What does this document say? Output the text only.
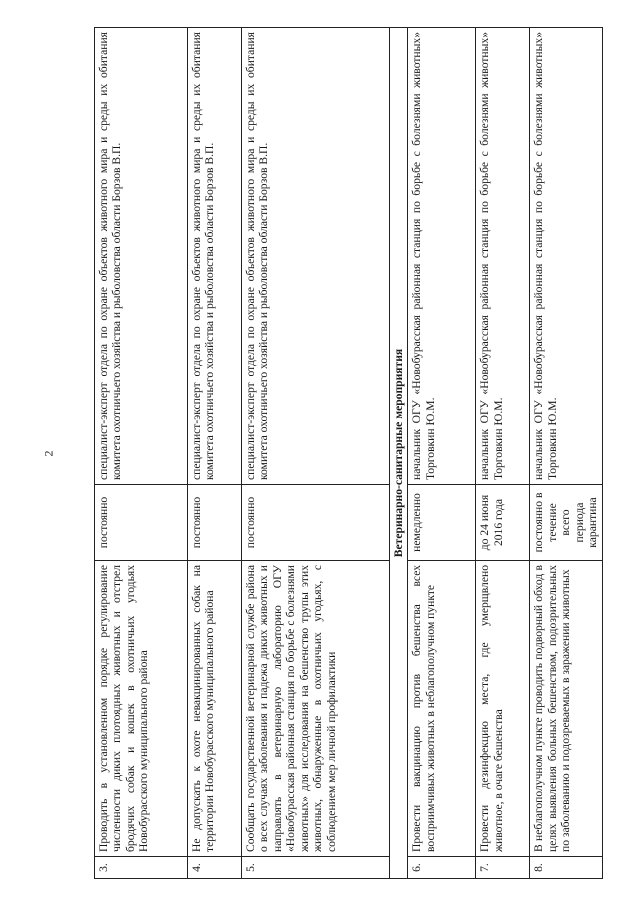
2
3.	Проводить в установленном порядке регулирование численности диких плотоядных животных и отстрел бродячих собак и кошек в охотничьих угодьях Новобурасского муниципального района	постоянно	специалист-эксперт отдела по охране объектов животного мира и среды их обитания комитета охотничьего хозяйства и рыболовства области Борзов В.П.
4.	Не допускать к охоте невакцинированных собак на территории Новобурасского муниципального района	постоянно	специалист-эксперт отдела по охране объектов животного мира и среды их обитания комитета охотничьего хозяйства и рыболовства области Борзов В.П.
5.	Сообщать государственной ветеринарной службе района о всех случаях заболевания и падежа диких животных и направлять в ветеринарную лабораторию ОГУ «Новобурасская районная станция по борьбе с болезнями животных» для исследования на бешенство трупы этих животных, обнаруженные в охотничьих угодьях, с соблюдением мер личной профилактики	постоянно	специалист-эксперт отдела по охране объектов животного мира и среды их обитания комитета охотничьего хозяйства и рыболовства области Борзов В.П.
Ветеринарно-санитарные мероприятия			
6.	Провести вакцинацию против бешенства всех восприимчивых животных в неблагополучном пункте	немедленно	начальник ОГУ «Новобурасская районная станция по борьбе с болезнями животных» Торговкин Ю.М.
7.	Провести дезинфекцию места, где умерщвлено животное, в очаге бешенства	до 24 июня 2016 года	начальник ОГУ «Новобурасская районная станция по борьбе с болезнями животных» Торговкин Ю.М.
8.	В неблагополучном пункте проводить подворный обход в целях выявления больных бешенством, подозрительных по заболеванию и подозреваемых в заражении животных	постоянно в течение всего периода карантина	начальник ОГУ «Новобурасская районная станция по борьбе с болезнями животных» Торговкин Ю.М.
